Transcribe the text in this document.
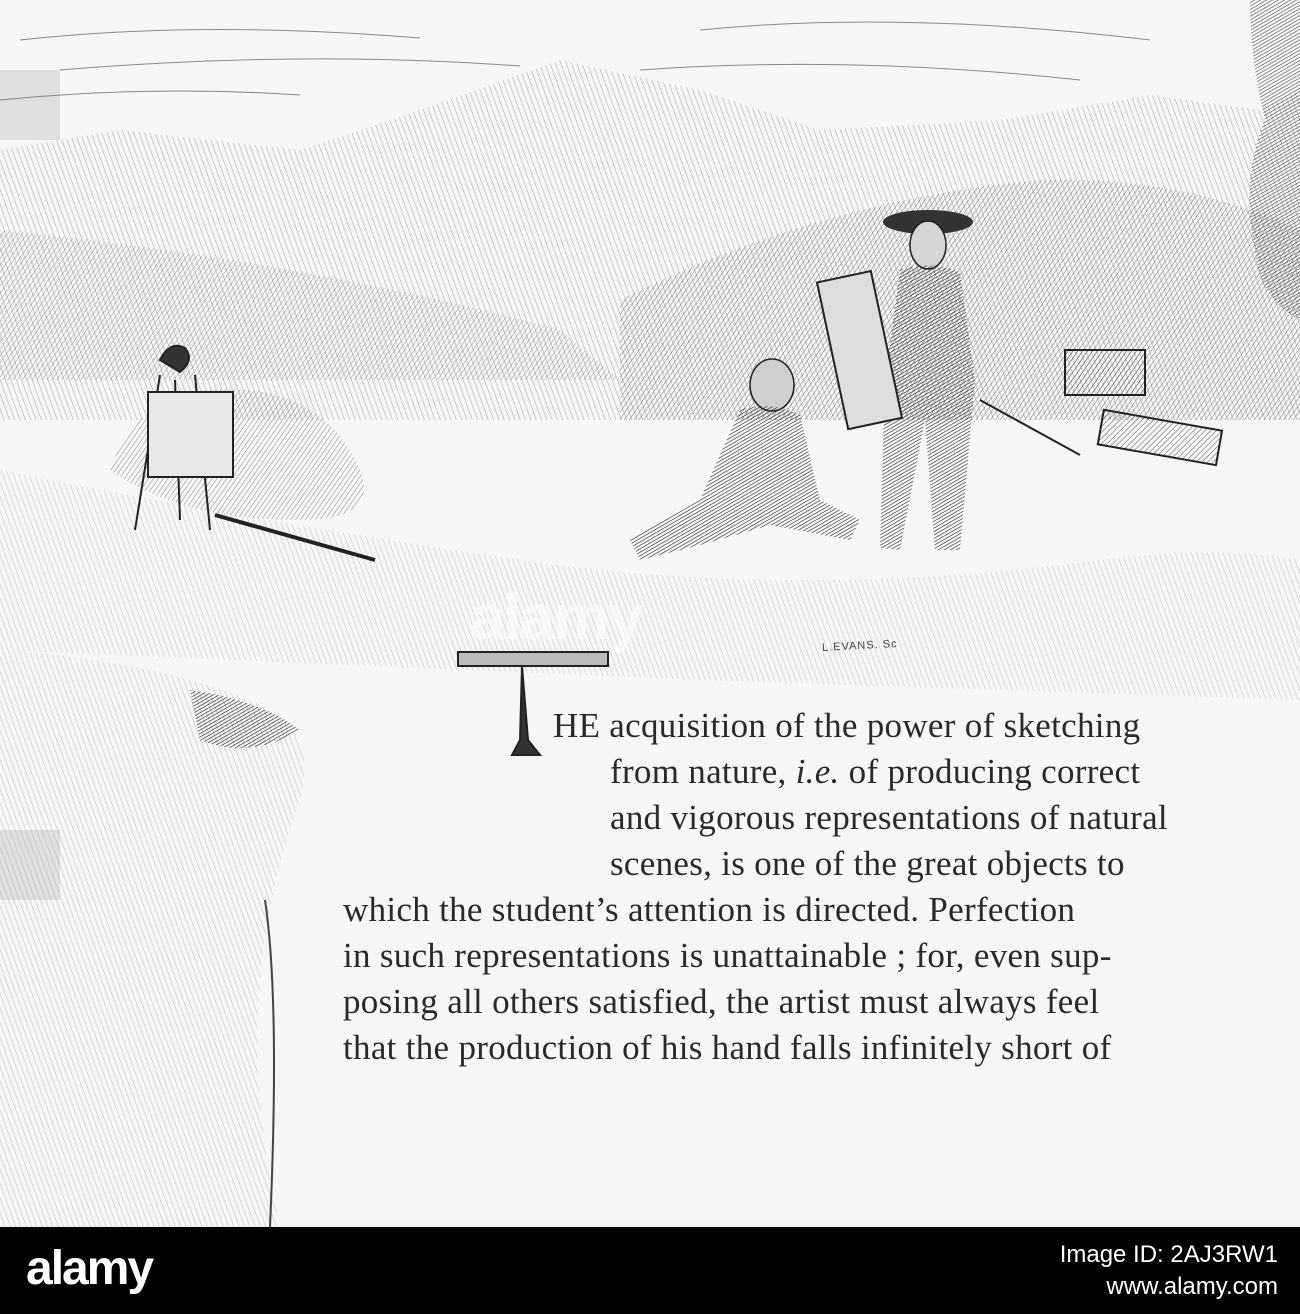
alamy	L.EVANS. Sc
HE acquisition of the power of sketching
from nature, i.e. of producing correct
and vigorous representations of natural
scenes, is one of the great objects to
which the student’s attention is directed. Perfection
in such representations is unattainable ; for, even sup-
posing all others satisfied, the artist must always feel
that the production of his hand falls infinitely short of
alamy	Image ID: 2AJ3RW1
www.alamy.com
